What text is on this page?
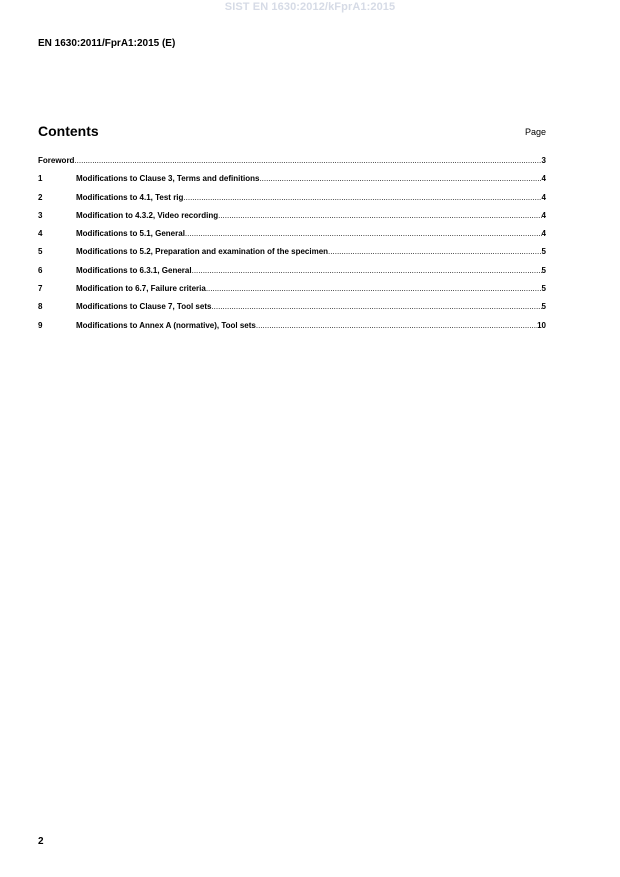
SIST EN 1630:2012/kFprA1:2015
EN 1630:2011/FprA1:2015 (E)
Contents	Page
Foreword .....	3
1	Modifications to Clause 3, Terms and definitions .....	4
2	Modifications to 4.1, Test rig .....	4
3	Modification to 4.3.2, Video recording .....	4
4	Modifications to 5.1, General .....	4
5	Modifications to 5.2, Preparation and examination of the specimen .....	5
6	Modifications to 6.3.1, General .....	5
7	Modification to 6.7, Failure criteria .....	5
8	Modifications to Clause 7, Tool sets .....	5
9	Modifications to Annex A (normative), Tool sets .....	10
2
